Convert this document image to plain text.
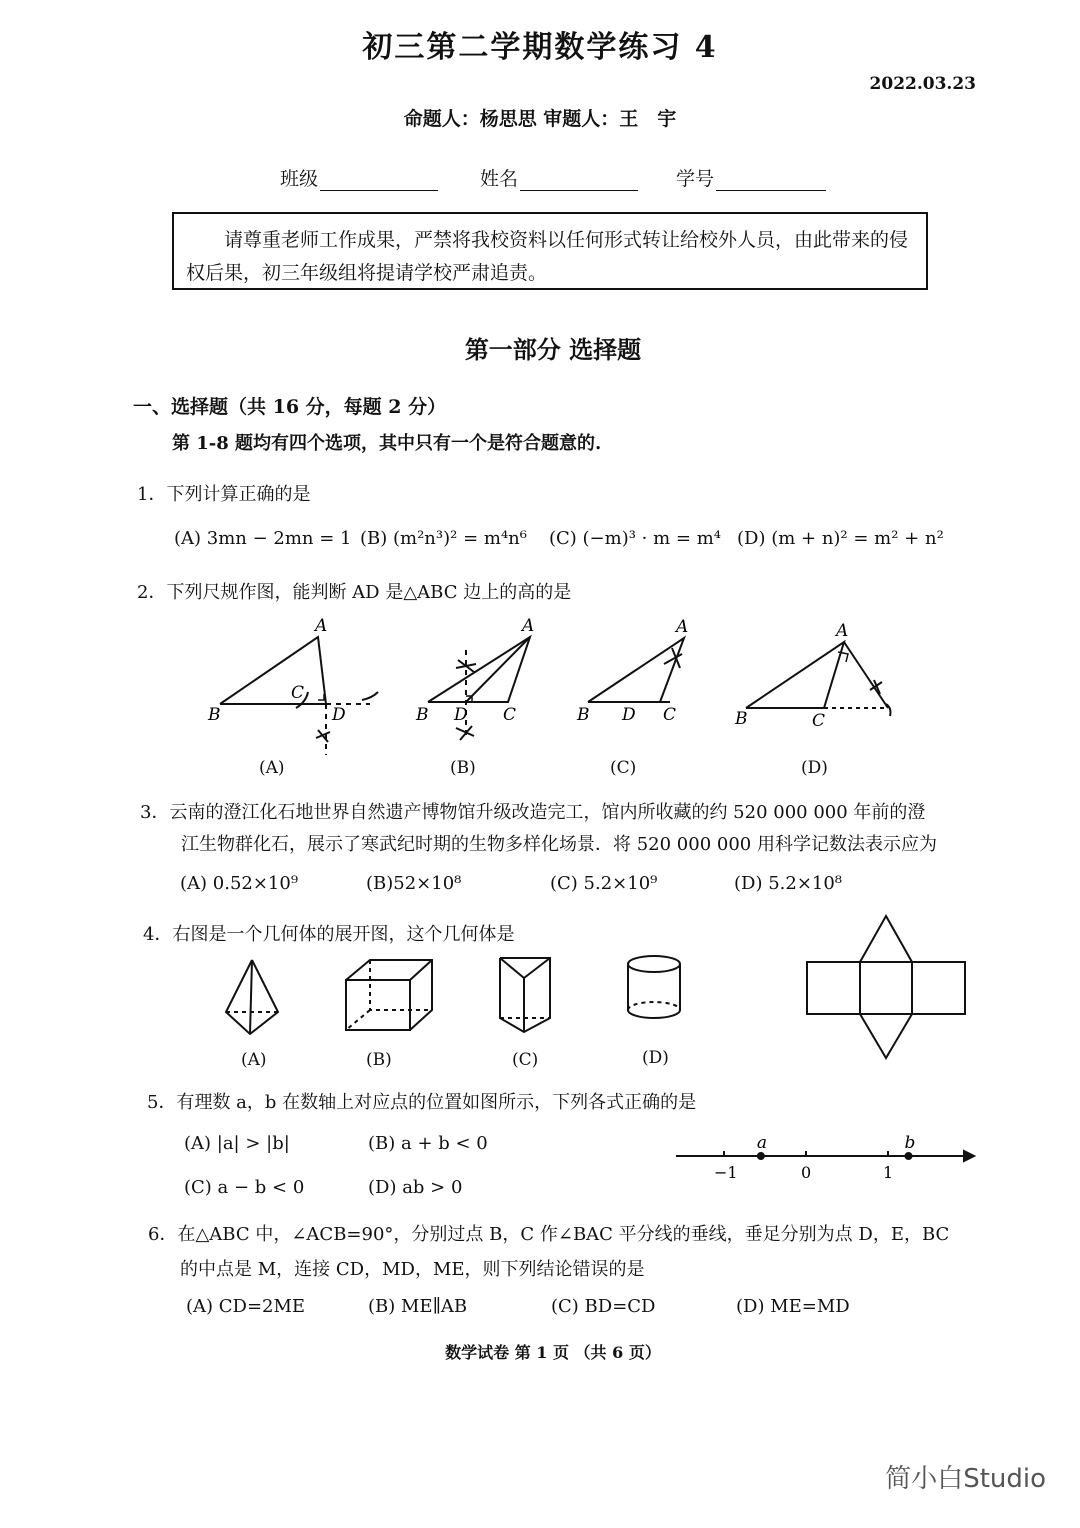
初三第二学期数学练习 4
2022.03.23
命题人：杨思思 审题人：王　宇
班级	姓名	学号

请尊重老师工作成果，严禁将我校资料以任何形式转让给校外人员，由此带来的侵权后果，初三年级组将提请学校严肃追责。

第一部分 选择题
一、选择题（共 16 分，每题 2 分）
第 1-8 题均有四个选项，其中只有一个是符合题意的.
1．下列计算正确的是
(A) 3mn − 2mn = 1 (B) (m²n³)² = m⁴n⁶ (C) (−m)³ · m = m⁴ (D) (m + n)² = m² + n²
2．下列尺规作图，能判断 AD 是△ABC 边上的高的是
A
B
C
D
A
B D C
A
B D C
A
B	C
(A)	(B)	(C)	(D)
3．云南的澄江化石地世界自然遗产博物馆升级改造完工，馆内所收藏的约 520 000 000 年前的澄
江生物群化石，展示了寒武纪时期的生物多样化场景．将 520 000 000 用科学记数法表示应为
(A) 0.52×10⁹	(B)52×10⁸	(C) 5.2×10⁹	(D) 5.2×10⁸
4．右图是一个几何体的展开图，这个几何体是
(A)	(B)	(C)	(D)
5．有理数 a，b 在数轴上对应点的位置如图所示，下列各式正确的是
(A) |a| > |b|	(B) a + b < 0
(C) a − b < 0	(D) ab > 0
−1	0	1
a	b
6．在△ABC 中，∠ACB=90°，分别过点 B，C 作∠BAC 平分线的垂线，垂足分别为点 D，E，BC
的中点是 M，连接 CD，MD，ME，则下列结论错误的是
(A) CD=2ME	(B) ME∥AB	(C) BD=CD	(D) ME=MD
数学试卷 第 1 页 （共 6 页）
简小白Studio
